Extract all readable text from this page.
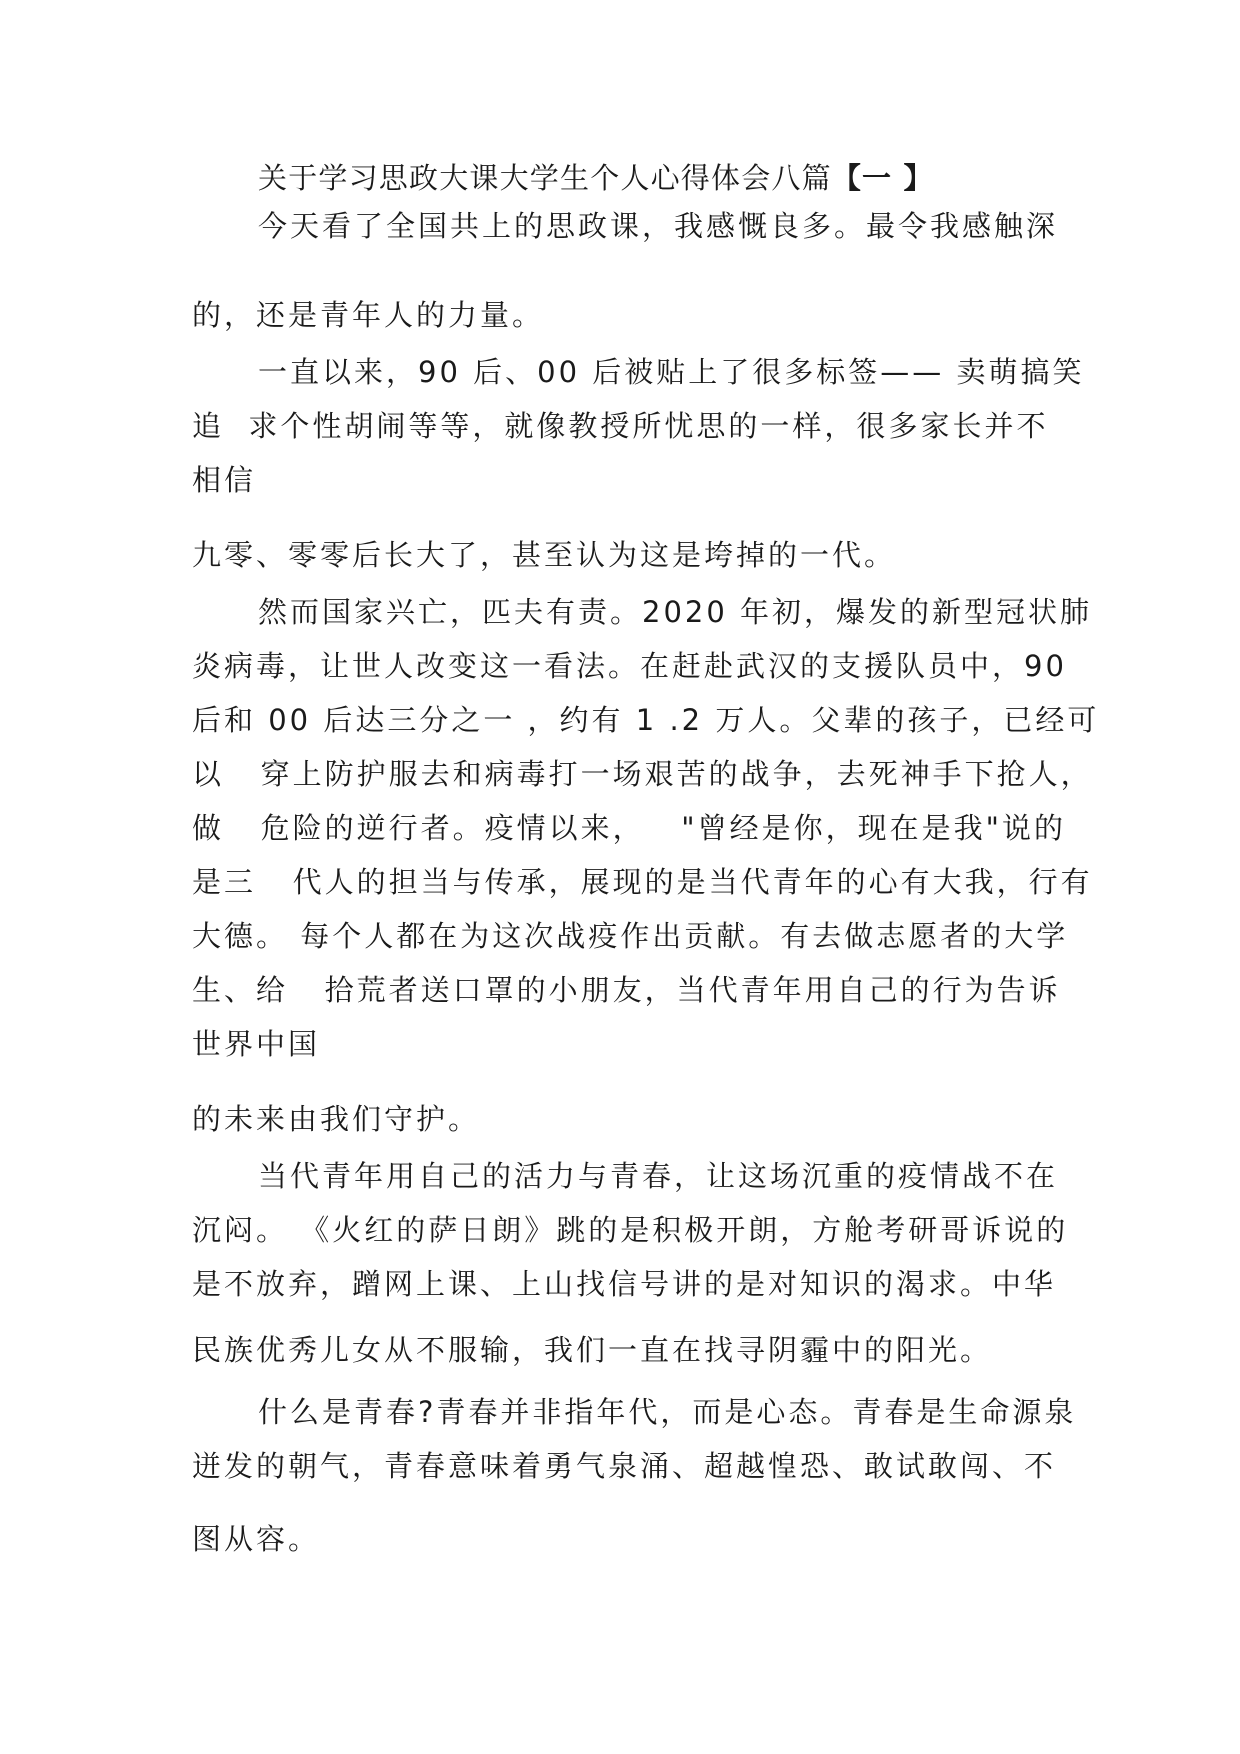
关于学习思政大课大学生个人心得体会八篇【一 】
今天看了全国共上的思政课，我感慨良多。最令我感触深
的，还是青年人的力量。
一直以来，90 后、00 后被贴上了很多标签—— 卖萌搞笑
追  求个性胡闹等等，就像教授所忧思的一样，很多家长并不
相信
九零、零零后长大了，甚至认为这是垮掉的一代。
然而国家兴亡，匹夫有责。2020 年初，爆发的新型冠状肺
炎病毒，让世人改变这一看法。在赶赴武汉的支援队员中，90
后和 00 后达三分之一 ，约有 1 .2 万人。父辈的孩子，已经可
以   穿上防护服去和病毒打一场艰苦的战争，去死神手下抢人，
做   危险的逆行者。疫情以来，   "曾经是你，现在是我"说的
是三   代人的担当与传承，展现的是当代青年的心有大我，行有
大德。 每个人都在为这次战疫作出贡献。有去做志愿者的大学
生、给   拾荒者送口罩的小朋友，当代青年用自己的行为告诉
世界中国
的未来由我们守护。
当代青年用自己的活力与青春，让这场沉重的疫情战不在
沉闷。 《火红的萨日朗》跳的是积极开朗，方舱考研哥诉说的
是不放弃，蹭网上课、上山找信号讲的是对知识的渴求。中华
民族优秀儿女从不服输，我们一直在找寻阴霾中的阳光。
什么是青春?青春并非指年代，而是心态。青春是生命源泉
迸发的朝气，青春意味着勇气泉涌、超越惶恐、敢试敢闯、不
图从容。
